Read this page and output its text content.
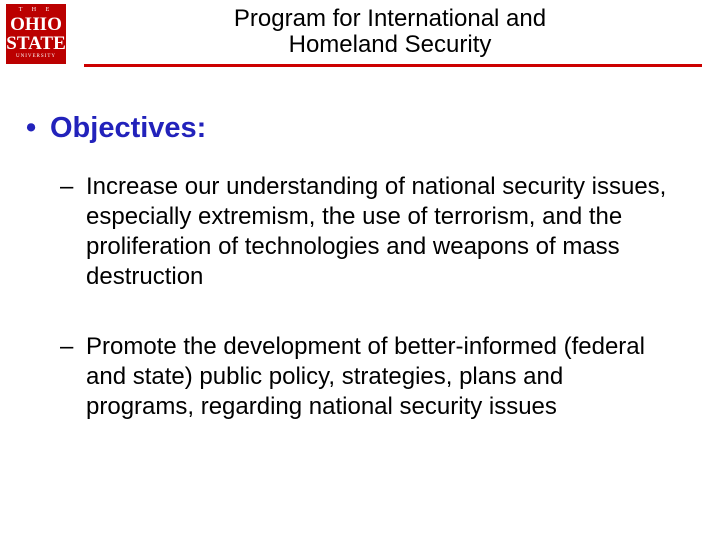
T H E
OHIO
STATE
UNIVERSITY
Program for International and
Homeland Security
• Objectives:
– Increase our understanding of national security issues, especially extremism, the use of terrorism, and the proliferation of technologies and weapons of mass destruction
– Promote the development of better-informed (federal and state) public policy, strategies, plans and programs, regarding national security issues
